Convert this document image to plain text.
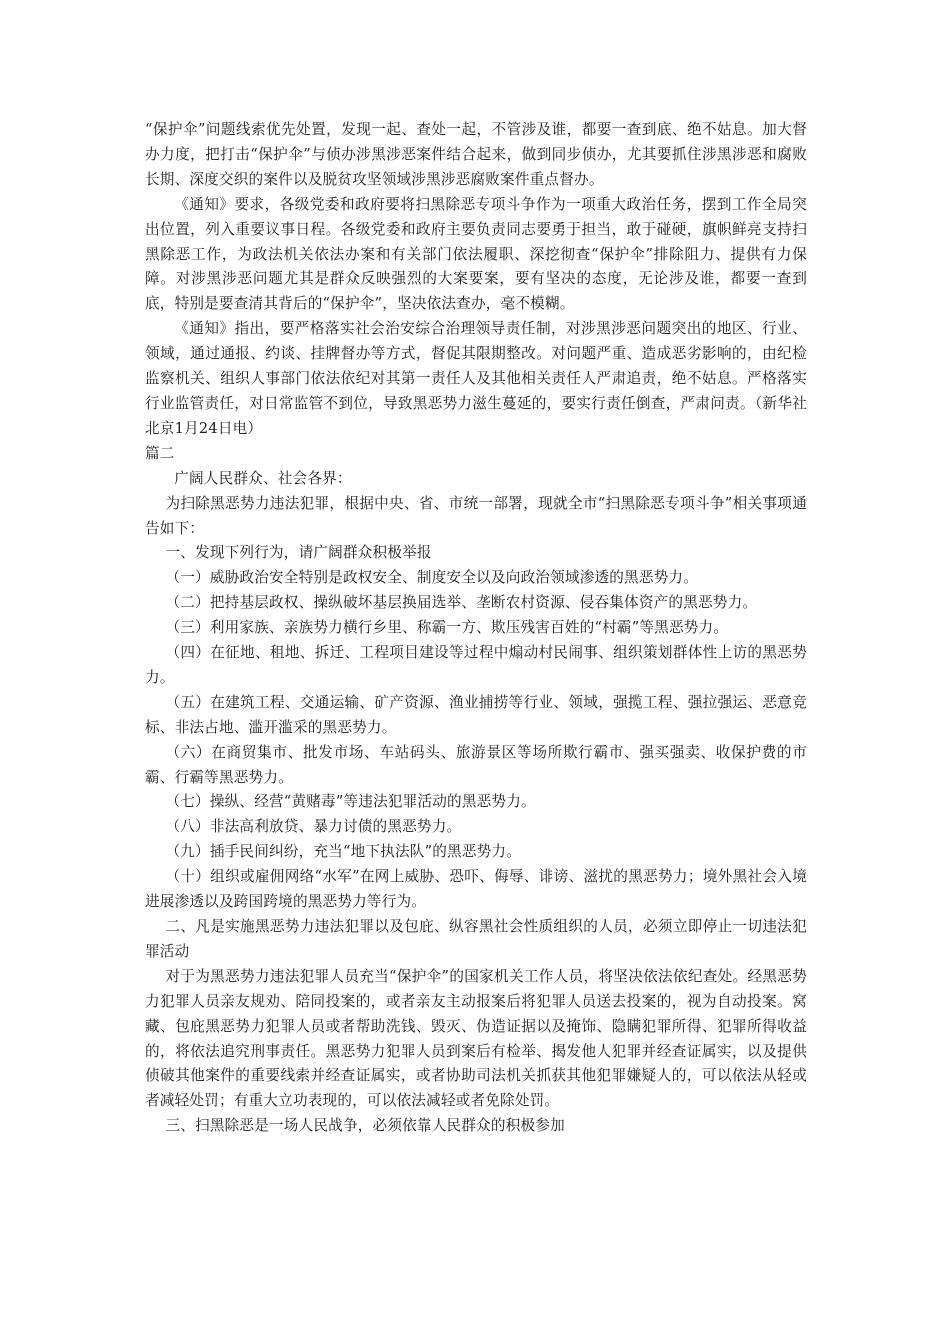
“保护伞”问题线索优先处置，发现一起、查处一起，不管涉及谁，都要一查到底、绝不姑息。加大督办力度，把打击“保护伞”与侦办涉黑涉恶案件结合起来，做到同步侦办，尤其要抓住涉黑涉恶和腐败长期、深度交织的案件以及脱贫攻坚领域涉黑涉恶腐败案件重点督办。

《通知》要求，各级党委和政府要将扫黑除恶专项斗争作为一项重大政治任务，摆到工作全局突出位置，列入重要议事日程。各级党委和政府主要负责同志要勇于担当，敢于碰硬，旗帜鲜亮支持扫黑除恶工作，为政法机关依法办案和有关部门依法履职、深挖彻查“保护伞”排除阻力、提供有力保障。对涉黑涉恶问题尤其是群众反映强烈的大案要案，要有坚决的态度，无论涉及谁，都要一查到底，特别是要查清其背后的“保护伞”，坚决依法查办，毫不模糊。

《通知》指出，要严格落实社会治安综合治理领导责任制，对涉黑涉恶问题突出的地区、行业、领域，通过通报、约谈、挂牌督办等方式，督促其限期整改。对问题严重、造成恶劣影响的，由纪检监察机关、组织人事部门依法依纪对其第一责任人及其他相关责任人严肃追责，绝不姑息。严格落实行业监管责任，对日常监管不到位，导致黑恶势力滋生蔓延的，要实行责任倒查，严肃问责。（新华社北京1月24日电）

篇二

广阔人民群众、社会各界：

为扫除黑恶势力违法犯罪，根据中央、省、市统一部署，现就全市“扫黑除恶专项斗争”相关事项通告如下：

一、发现下列行为，请广阔群众积极举报

（一）威胁政治安全特别是政权安全、制度安全以及向政治领域渗透的黑恶势力。

（二）把持基层政权、操纵破坏基层换届选举、垄断农村资源、侵吞集体资产的黑恶势力。

（三）利用家族、亲族势力横行乡里、称霸一方、欺压残害百姓的“村霸”等黑恶势力。

（四）在征地、租地、拆迁、工程项目建设等过程中煽动村民闹事、组织策划群体性上访的黑恶势力。

（五）在建筑工程、交通运输、矿产资源、渔业捕捞等行业、领域，强揽工程、强拉强运、恶意竞标、非法占地、滥开滥采的黑恶势力。

（六）在商贸集市、批发市场、车站码头、旅游景区等场所欺行霸市、强买强卖、收保护费的市霸、行霸等黑恶势力。

（七）操纵、经营“黄赌毒”等违法犯罪活动的黑恶势力。

（八）非法高利放贷、暴力讨债的黑恶势力。

（九）插手民间纠纷，充当“地下执法队”的黑恶势力。

（十）组织或雇佣网络“水军”在网上威胁、恐吓、侮辱、诽谤、滋扰的黑恶势力；境外黑社会入境进展渗透以及跨国跨境的黑恶势力等行为。

二、凡是实施黑恶势力违法犯罪以及包庇、纵容黑社会性质组织的人员，必须立即停止一切违法犯罪活动

对于为黑恶势力违法犯罪人员充当“保护伞”的国家机关工作人员，将坚决依法依纪查处。经黑恶势力犯罪人员亲友规劝、陪同投案的，或者亲友主动报案后将犯罪人员送去投案的，视为自动投案。窝藏、包庇黑恶势力犯罪人员或者帮助洗钱、毁灭、伪造证据以及掩饰、隐瞒犯罪所得、犯罪所得收益的，将依法追究刑事责任。黑恶势力犯罪人员到案后有检举、揭发他人犯罪并经查证属实，以及提供侦破其他案件的重要线索并经查证属实，或者协助司法机关抓获其他犯罪嫌疑人的，可以依法从轻或者减轻处罚；有重大立功表现的，可以依法减轻或者免除处罚。

三、扫黑除恶是一场人民战争，必须依靠人民群众的积极参加
